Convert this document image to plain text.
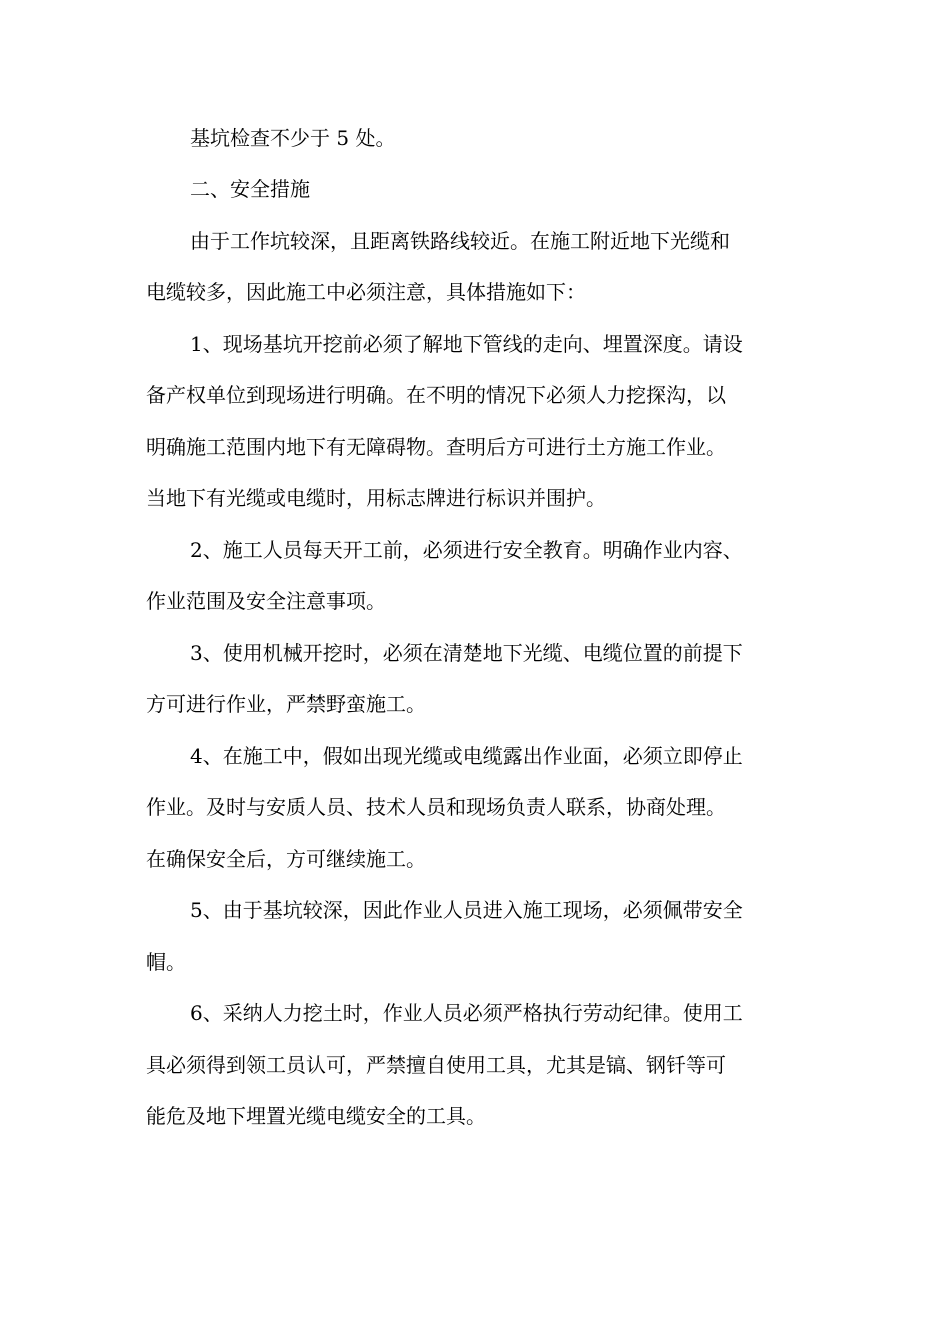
基坑检查不少于 5 处。
二、安全措施
由于工作坑较深，且距离铁路线较近。在施工附近地下光缆和
电缆较多，因此施工中必须注意，具体措施如下：
1、现场基坑开挖前必须了解地下管线的走向、埋置深度。请设
备产权单位到现场进行明确。在不明的情况下必须人力挖探沟，以
明确施工范围内地下有无障碍物。查明后方可进行土方施工作业。
当地下有光缆或电缆时，用标志牌进行标识并围护。
2、施工人员每天开工前，必须进行安全教育。明确作业内容、
作业范围及安全注意事项。
3、使用机械开挖时，必须在清楚地下光缆、电缆位置的前提下
方可进行作业，严禁野蛮施工。
4、在施工中，假如出现光缆或电缆露出作业面，必须立即停止
作业。及时与安质人员、技术人员和现场负责人联系，协商处理。
在确保安全后，方可继续施工。
5、由于基坑较深，因此作业人员进入施工现场，必须佩带安全
帽。
6、采纳人力挖土时，作业人员必须严格执行劳动纪律。使用工
具必须得到领工员认可，严禁擅自使用工具，尤其是镐、钢钎等可
能危及地下埋置光缆电缆安全的工具。
